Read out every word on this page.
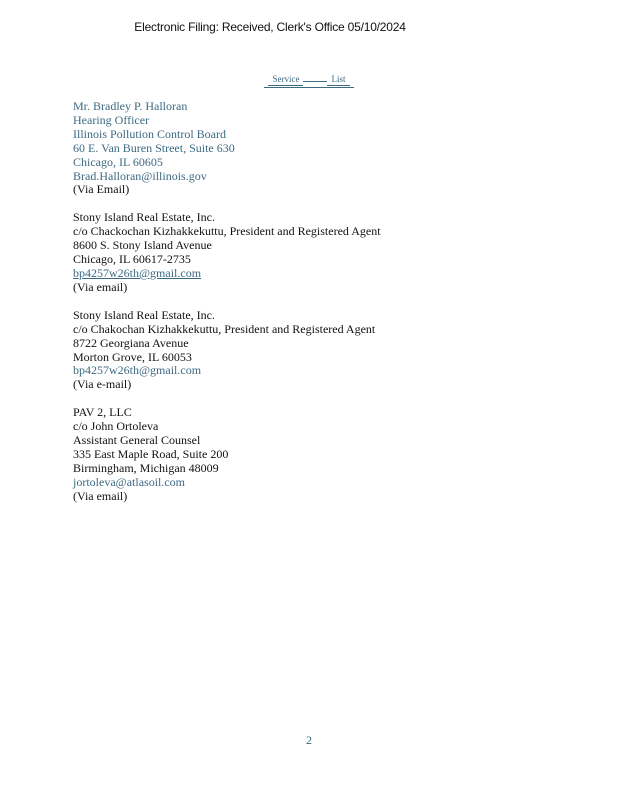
Electronic Filing: Received, Clerk's Office 05/10/2024
Service	List
Mr. Bradley P. Halloran
Hearing Officer
Illinois Pollution Control Board
60 E. Van Buren Street, Suite 630
Chicago, IL 60605
Brad.Halloran@illinois.gov
(Via Email)
Stony Island Real Estate, Inc.
c/o Chackochan Kizhakkekuttu, President and Registered Agent
8600 S. Stony Island Avenue
Chicago, IL 60617-2735
bp4257w26th@gmail.com
(Via email)
Stony Island Real Estate, Inc.
c/o Chakochan Kizhakkekuttu, President and Registered Agent
8722 Georgiana Avenue
Morton Grove, IL 60053
bp4257w26th@gmail.com
(Via e-mail)
PAV 2, LLC
c/o John Ortoleva
Assistant General Counsel
335 East Maple Road, Suite 200
Birmingham, Michigan 48009
jortoleva@atlasoil.com
(Via email)
2
